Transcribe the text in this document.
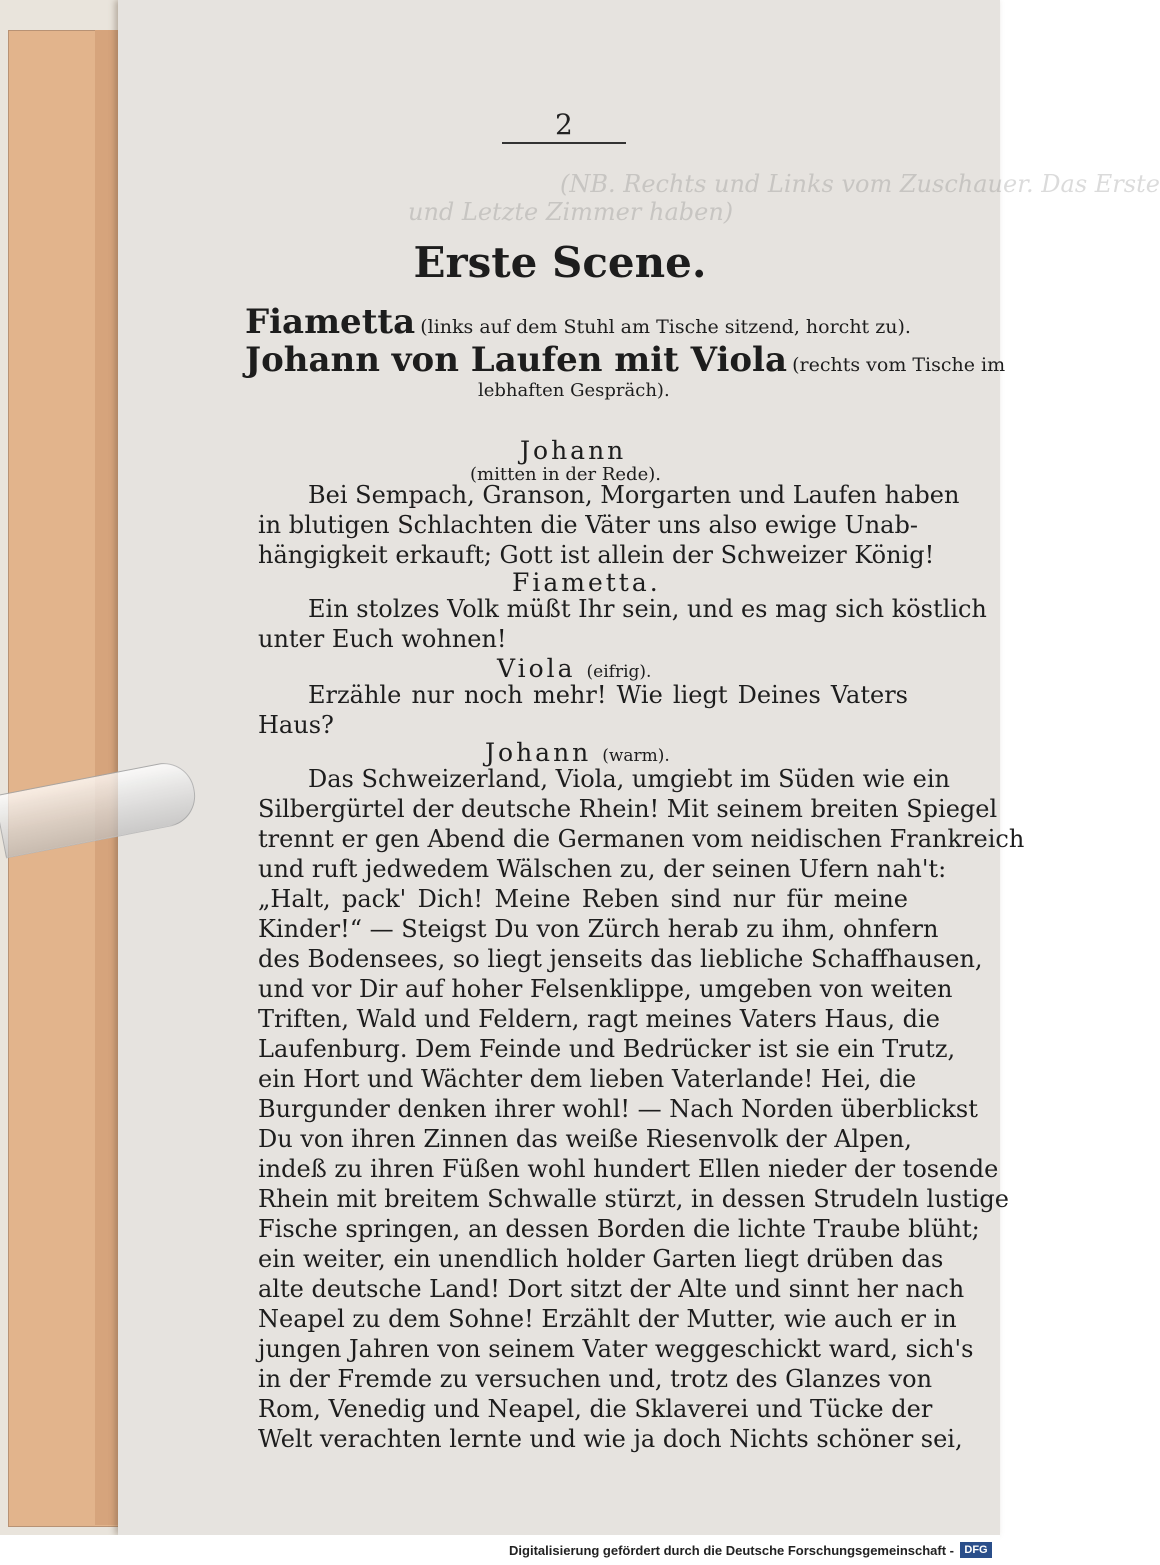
2
(NB. Rechts und Links vom Zuschauer. Das Erste
und Letzte Zimmer haben)
Erste Scene.
Fiametta (links auf dem Stuhl am Tische sitzend, horcht zu).
Johann von Laufen mit Viola (rechts vom Tische im
lebhaften Gespräch).
Johann
(mitten in der Rede).
Bei Sempach, Granson, Morgarten und Laufen haben
in blutigen Schlachten die Väter uns also ewige Unab-
hängigkeit erkauft; Gott ist allein der Schweizer König!
Fiametta.
Ein stolzes Volk müßt Ihr sein, und es mag sich köstlich
unter Euch wohnen!
Viola (eifrig).
Erzähle nur noch mehr! Wie liegt Deines Vaters
Haus?
Johann (warm).
Das Schweizerland, Viola, umgiebt im Süden wie ein
Silbergürtel der deutsche Rhein! Mit seinem breiten Spiegel
trennt er gen Abend die Germanen vom neidischen Frankreich
und ruft jedwedem Wälschen zu, der seinen Ufern nah't:
„Halt, pack' Dich! Meine Reben sind nur für meine
Kinder!“ — Steigst Du von Zürch herab zu ihm, ohnfern
des Bodensees, so liegt jenseits das liebliche Schaffhausen,
und vor Dir auf hoher Felsenklippe, umgeben von weiten
Triften, Wald und Feldern, ragt meines Vaters Haus, die
Laufenburg. Dem Feinde und Bedrücker ist sie ein Trutz,
ein Hort und Wächter dem lieben Vaterlande! Hei, die
Burgunder denken ihrer wohl! — Nach Norden überblickst
Du von ihren Zinnen das weiße Riesenvolk der Alpen,
indeß zu ihren Füßen wohl hundert Ellen nieder der tosende
Rhein mit breitem Schwalle stürzt, in dessen Strudeln lustige
Fische springen, an dessen Borden die lichte Traube blüht;
ein weiter, ein unendlich holder Garten liegt drüben das
alte deutsche Land! Dort sitzt der Alte und sinnt her nach
Neapel zu dem Sohne! Erzählt der Mutter, wie auch er in
jungen Jahren von seinem Vater weggeschickt ward, sich's
in der Fremde zu versuchen und, trotz des Glanzes von
Rom, Venedig und Neapel, die Sklaverei und Tücke der
Welt verachten lernte und wie ja doch Nichts schöner sei,
Digitalisierung gefördert durch die Deutsche Forschungsgemeinschaft - DFG
